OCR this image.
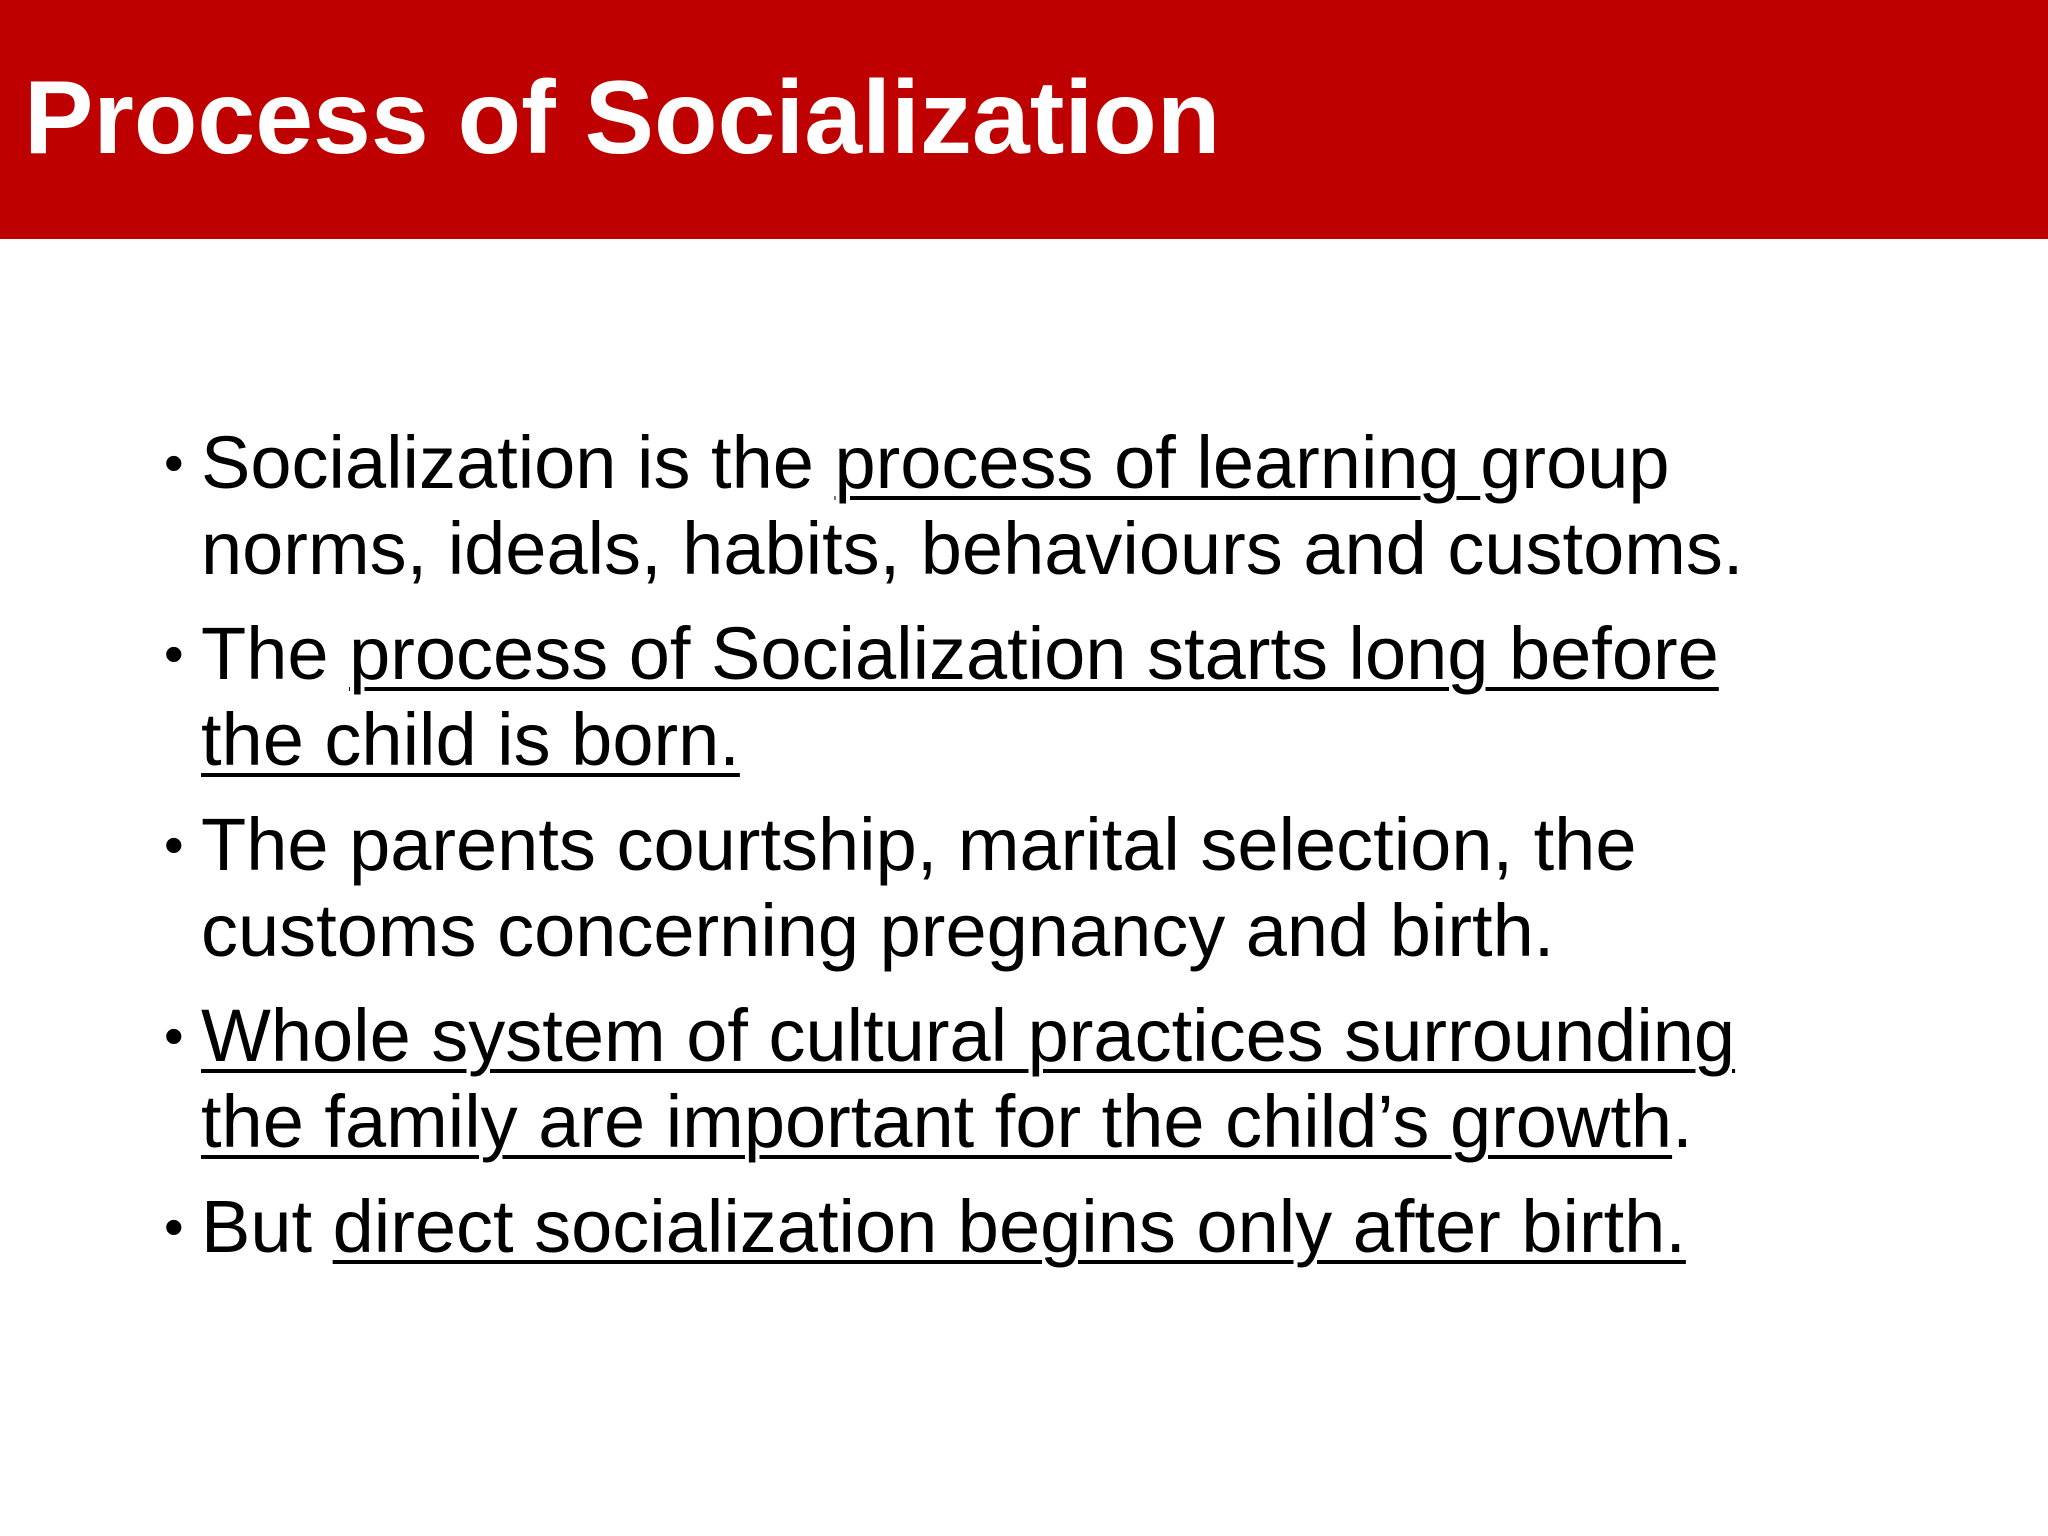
Process of Socialization
• Socialization is the process of learning group
norms, ideals, habits, behaviours and customs.
• The process of Socialization starts long before
the child is born.
• The parents courtship, marital selection, the
customs concerning pregnancy and birth.
• Whole system of cultural practices surrounding
the family are important for the child’s growth.
• But direct socialization begins only after birth.
